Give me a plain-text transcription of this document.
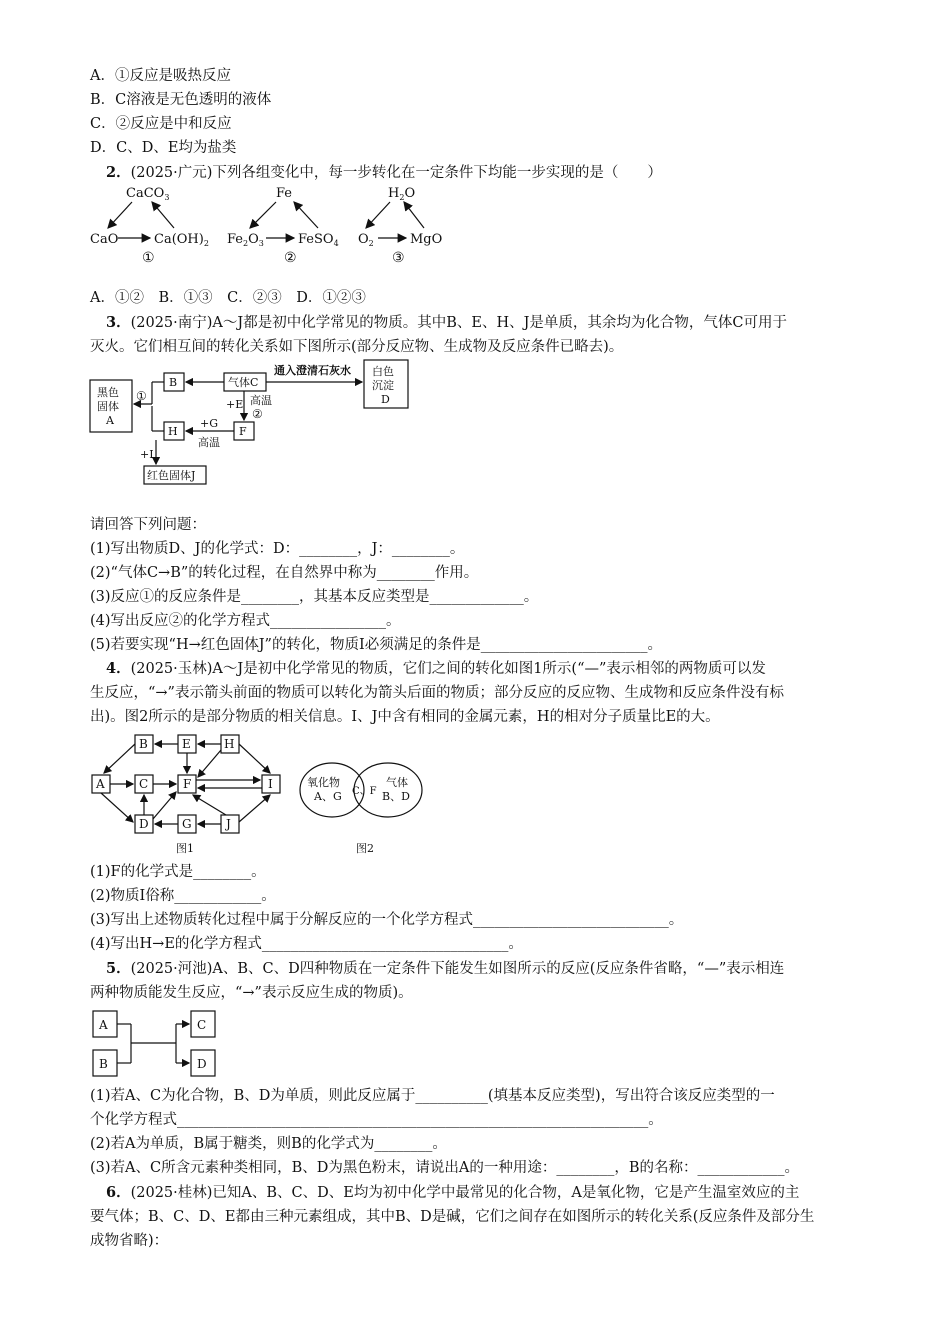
A．①反应是吸热反应
B．C溶液是无色透明的液体
C．②反应是中和反应
D．C、D、E均为盐类
2．(2025·广元)下列各组变化中，每一步转化在一定条件下均能一步实现的是（　　）
CaCO$_3$
CaO	$Ca(OH)_2$
①
Fe
$Fe_2O_3$	FeSO$_4$
②
$H_2O$
$O_2$	MgO
③
A．①②　B．①③　C．②③　D．①②③
3．(2025·南宁)A～J都是初中化学常见的物质。其中B、E、H、J是单质，其余均为化合物，气体C可用于
灭火。它们相互间的转化关系如下图所示(部分反应物、生成物及反应条件已略去)。
黑色
固体
A
B	气体C
通入澄清石灰水 白色
沉淀
D
①
+E 高温
②
F
H
+G
高温
+I
红色固体J
请回答下列问题：
(1)写出物质D、J的化学式：D：________，J：________。
(2)“气体C→B”的转化过程，在自然界中称为________作用。
(3)反应①的反应条件是________，其基本反应类型是_____________。
(4)写出反应②的化学方程式________________。
(5)若要实现“H→红色固体J”的转化，物质I必须满足的条件是_______________________。
4．(2025·玉林)A～J是初中化学常见的物质，它们之间的转化如图1所示(“—”表示相邻的两物质可以发
生反应，“→”表示箭头前面的物质可以转化为箭头后面的物质；部分反应的反应物、生成物和反应条件没有标
出)。图2所示的是部分物质的相关信息。I、J中含有相同的金属元素，H的相对分子质量比E的大。
B	E	H
A	C	F	I
D	G	J
图1
氧化物
A、G C、F
气体
B、D
图2
(1)F的化学式是________。
(2)物质I俗称____________。
(3)写出上述物质转化过程中属于分解反应的一个化学方程式___________________________。
(4)写出H→E的化学方程式__________________________________。
5．(2025·河池)A、B、C、D四种物质在一定条件下能发生如图所示的反应(反应条件省略，“—”表示相连
两种物质能发生反应，“→”表示反应生成的物质)。
A
B
C
D
(1)若A、C为化合物，B、D为单质，则此反应属于__________(填基本反应类型)，写出符合该反应类型的一
个化学方程式_________________________________________________________________。
(2)若A为单质，B属于糖类，则B的化学式为________。
(3)若A、C所含元素种类相同，B、D为黑色粉末，请说出A的一种用途：________，B的名称：____________。
6．(2025·桂林)已知A、B、C、D、E均为初中化学中最常见的化合物，A是氧化物，它是产生温室效应的主
要气体；B、C、D、E都由三种元素组成，其中B、D是碱，它们之间存在如图所示的转化关系(反应条件及部分生
成物省略)：
